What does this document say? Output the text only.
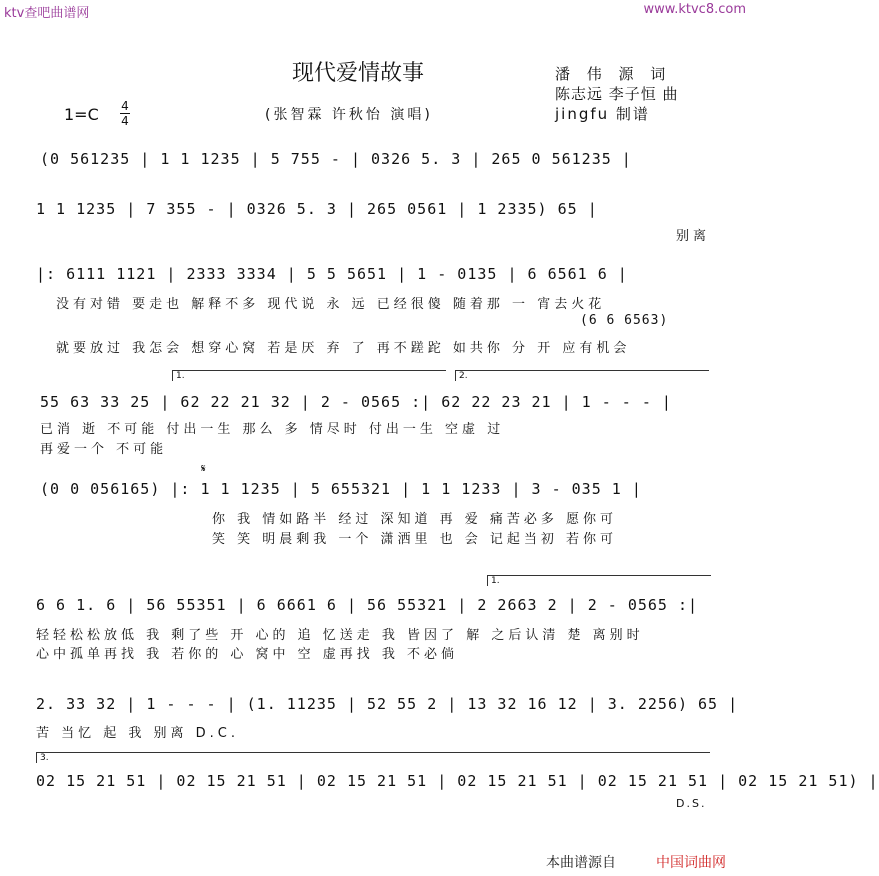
ktv查吧曲谱网	www.ktvc8.com
现代爱情故事	潘 伟 源 词
陈志远 李子恒 曲
jingfu 制谱
1=C 4
4	(张智霖 许秋怡 演唱)
(0 561235 | 1 1 1235 | 5 755 - | 0326 5. 3 | 265 0 561235 |
1 1 1235 | 7 355 - | 0326 5. 3 | 265 0561 | 1 2335) 65 |
别离
|: 6111 1121 | 2333 3334 | 5 5 5651 | 1 - 0135 | 6 6561 6 |
没有对错 要走也 解释不多 现代说 永 远 已经很傻 随着那 一 宵去火花
(6 6 6563)
就要放过 我怎会 想穿心窝 若是厌 弃 了 再不蹉跎 如共你 分 开 应有机会
1.	2.
55 63 33 25 | 62 22 21 32 | 2 - 0565 :| 62 22 23 21 | 1 - - - |
已消 逝 不可能 付出一生 那么 多 情尽时 付出一生 空虚 过
再爱一个 不可能
𝄋
(0 0 056165) |: 1 1 1235 | 5 655321 | 1 1 1233 | 3 - 035 1 |
你 我 情如路半 经过 深知道 再 爱 痛苦必多 愿你可
笑 笑 明晨剩我 一个 潇洒里 也 会 记起当初 若你可
1.
6 6 1. 6 | 56 55351 | 6 6661 6 | 56 55321 | 2 2663 2 | 2 - 0565 :|
轻轻松松放低 我 剩了些 开 心的 追 忆送走 我 皆因了 解 之后认清 楚 离别时
心中孤单再找 我 若你的 心 窝中 空 虚再找 我 不必倘
2. 33 32 | 1 - - - | (1. 11235 | 52 55 2 | 13 32 16 12 | 3. 2256) 65 |
苦 当忆 起 我 别离 D.C.
3.
02 15 21 51 | 02 15 21 51 | 02 15 21 51 | 02 15 21 51 | 02 15 21 51 | 02 15 21 51) |
D.S.
本曲谱源自	中国词曲网
